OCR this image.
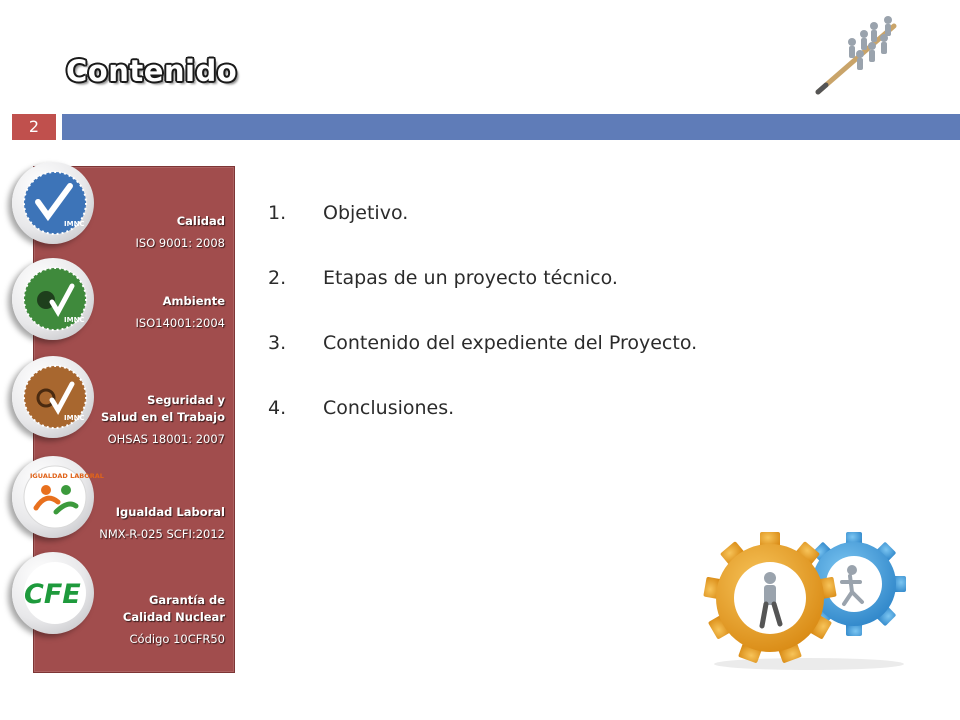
Contenido
2
Calidad
ISO 9001: 2008
Ambiente
ISO14001:2004
Seguridad y
Salud en el Trabajo
OHSAS 18001: 2007
Igualdad Laboral
NMX-R-025 SCFI:2012
Garantía de
Calidad Nuclear
Código 10CFR50
IMNC
IMNC
IMNC
IGUALDAD LABORAL
CFE
1. Objetivo.
2. Etapas de un proyecto técnico.
3. Contenido del expediente del Proyecto.
4. Conclusiones.
